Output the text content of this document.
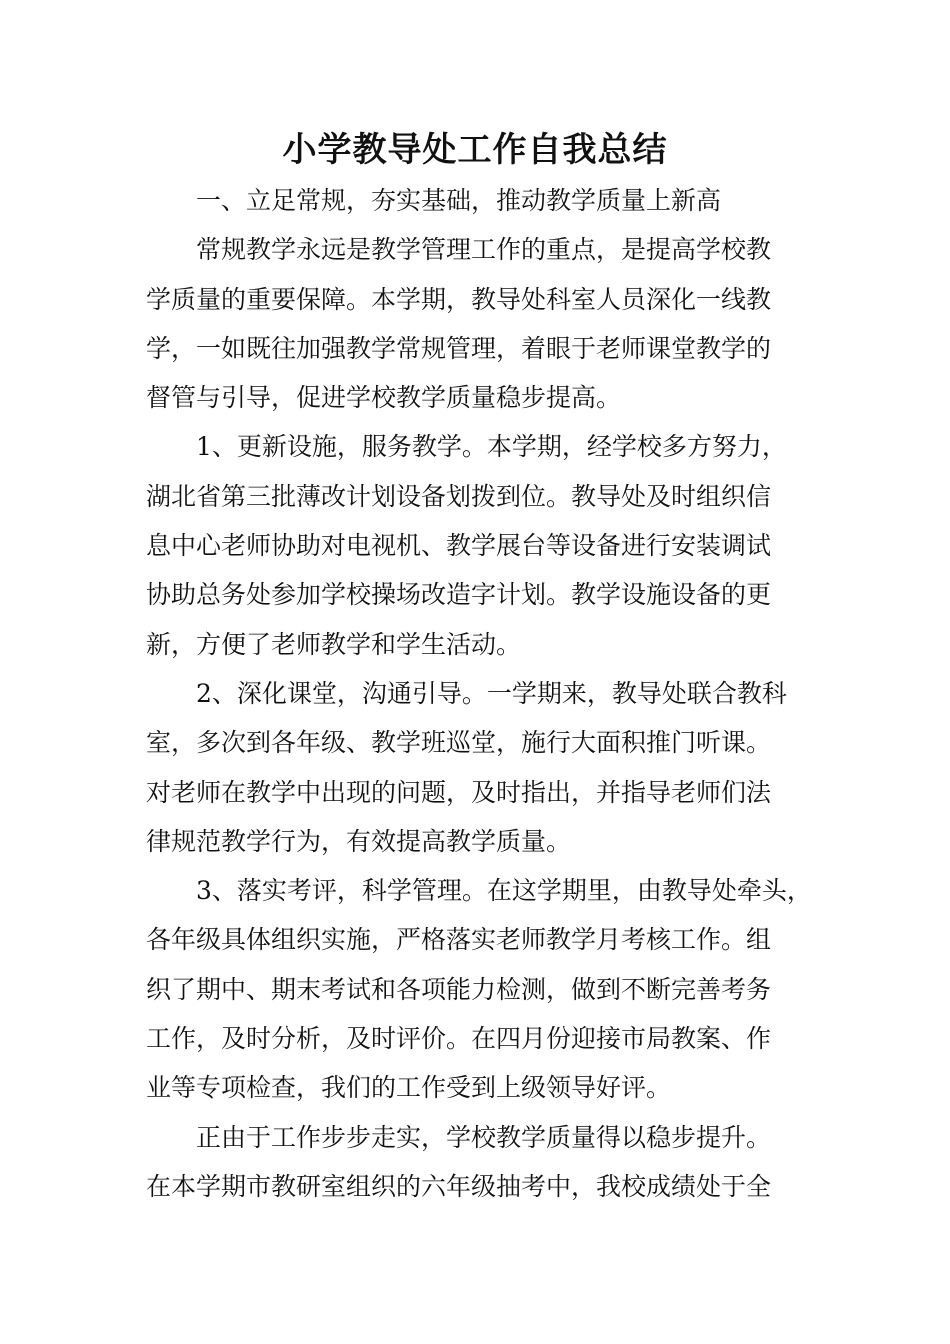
小学教导处工作自我总结

一、立足常规，夯实基础，推动教学质量上新高

常规教学永远是教学管理工作的重点，是提高学校教

学质量的重要保障。本学期，教导处科室人员深化一线教

学，一如既往加强教学常规管理，着眼于老师课堂教学的

督管与引导，促进学校教学质量稳步提高。

1、更新设施，服务教学。本学期，经学校多方努力，

湖北省第三批薄改计划设备划拨到位。教导处及时组织信

息中心老师协助对电视机、教学展台等设备进行安装调试

协助总务处参加学校操场改造字计划。教学设施设备的更

新，方便了老师教学和学生活动。

2、深化课堂，沟通引导。一学期来，教导处联合教科

室，多次到各年级、教学班巡堂，施行大面积推门听课。

对老师在教学中出现的问题，及时指出，并指导老师们法

律规范教学行为，有效提高教学质量。

3、落实考评，科学管理。在这学期里，由教导处牵头，

各年级具体组织实施，严格落实老师教学月考核工作。组

织了期中、期末考试和各项能力检测，做到不断完善考务

工作，及时分析，及时评价。在四月份迎接市局教案、作

业等专项检查，我们的工作受到上级领导好评。

正由于工作步步走实，学校教学质量得以稳步提升。

在本学期市教研室组织的六年级抽考中，我校成绩处于全
